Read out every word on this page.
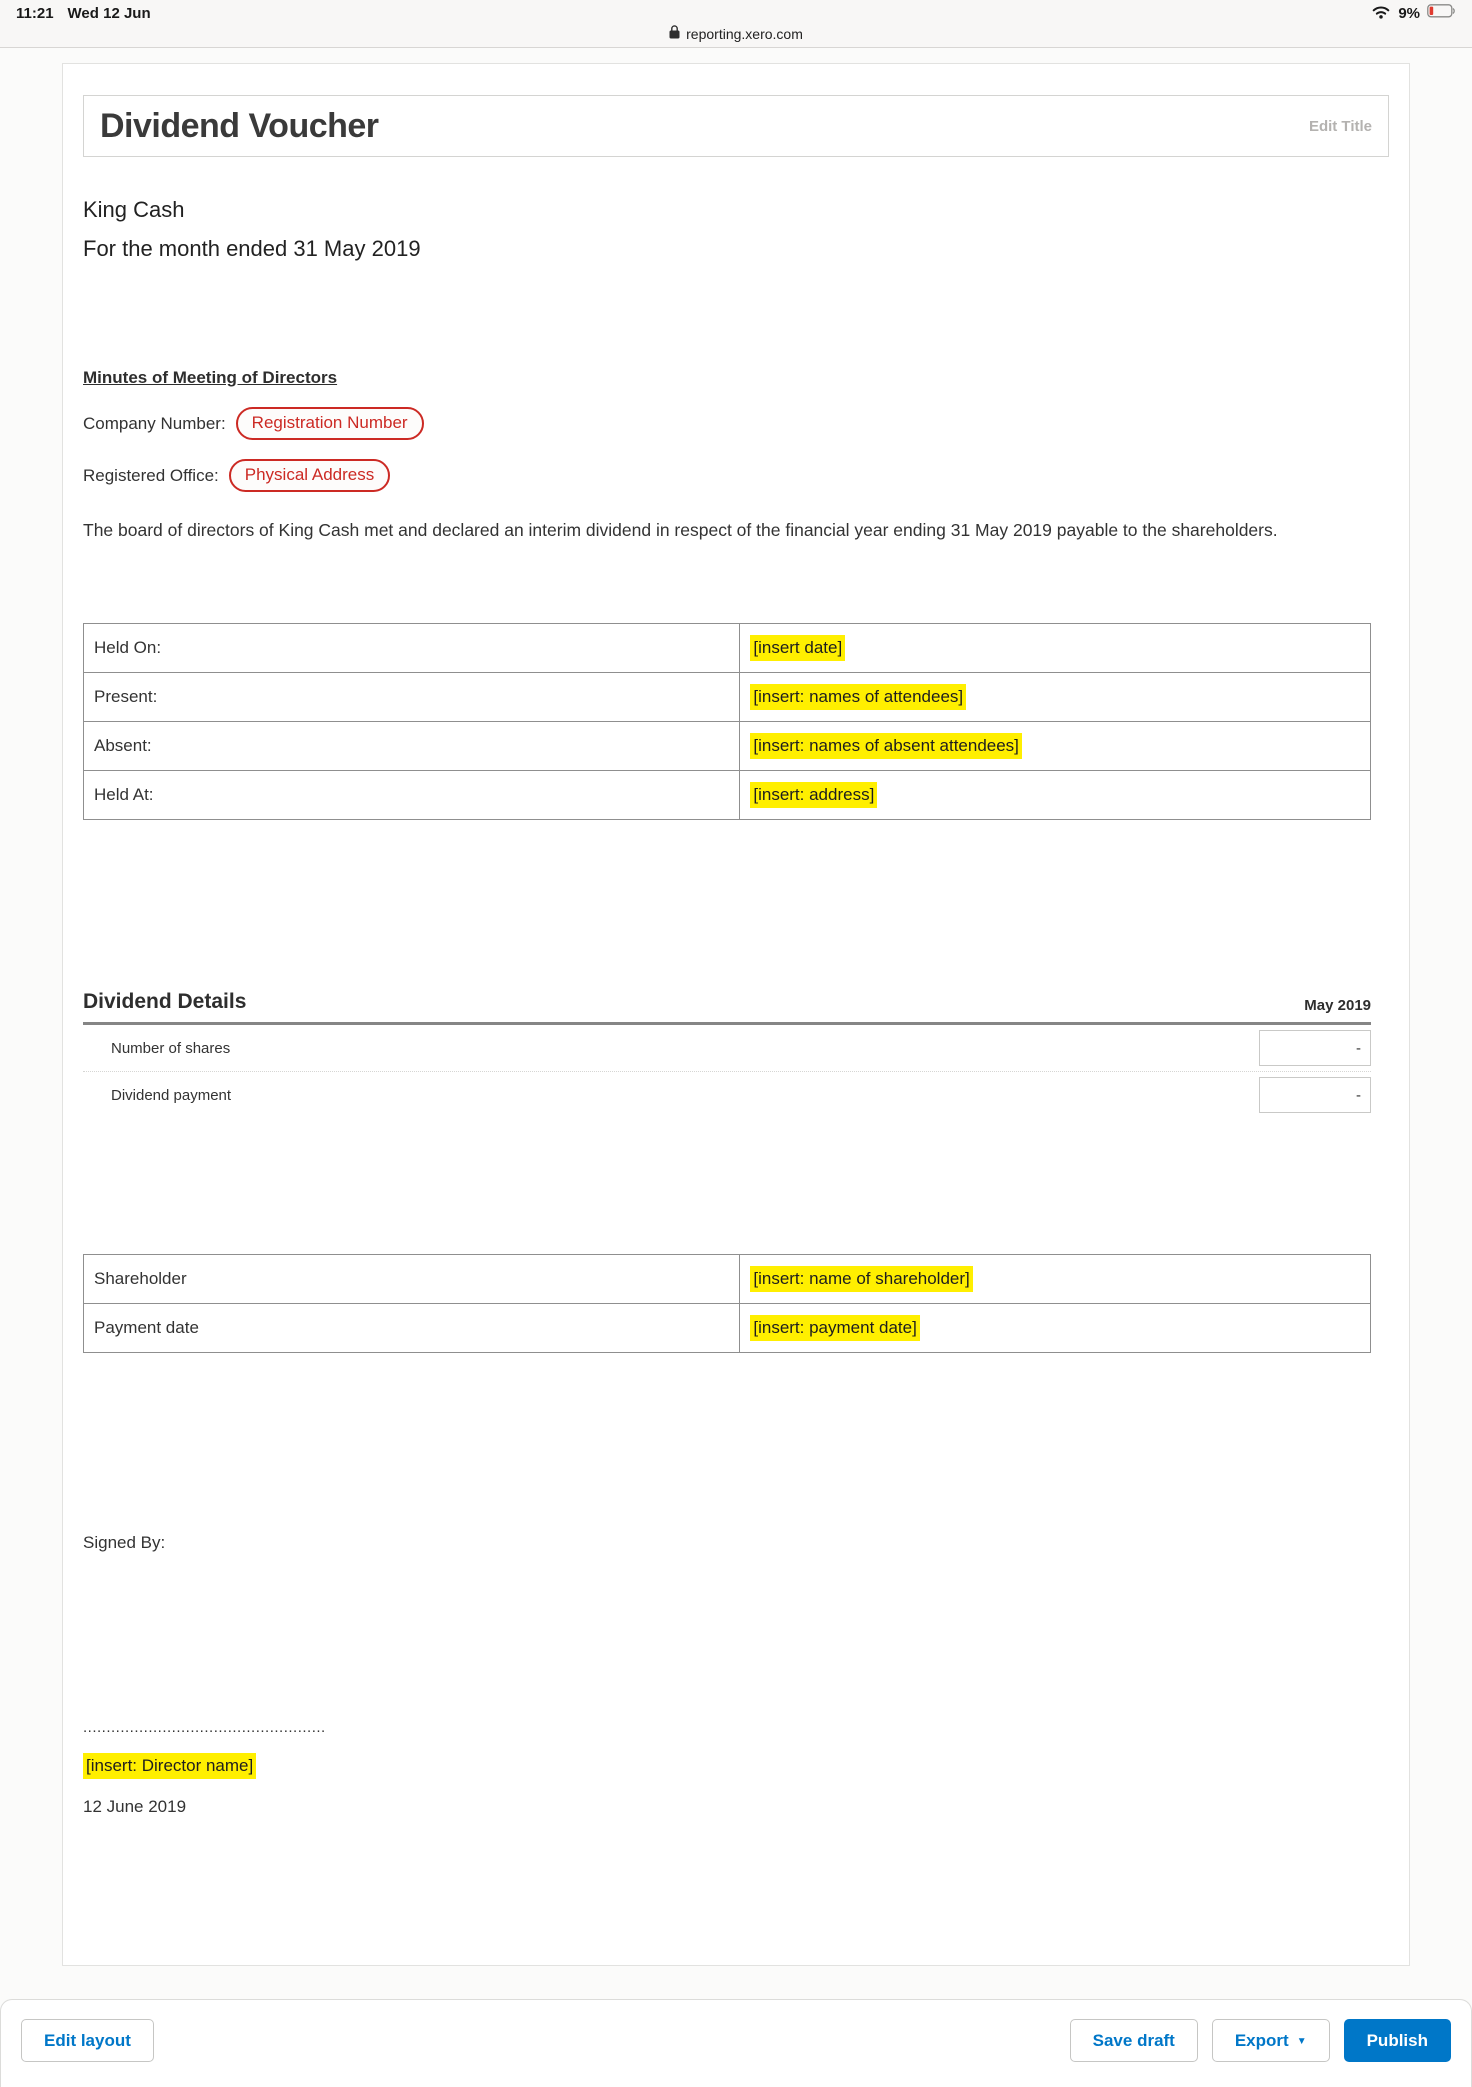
11:21 Wed 12 Jun	9%
reporting.xero.com
Dividend Voucher	Edit Title
King Cash
For the month ended 31 May 2019
Minutes of Meeting of Directors
Company Number:	Registration Number
Registered Office:	Physical Address

The board of directors of King Cash met and declared an interim dividend in respect of the financial year ending 31 May 2019 payable to the shareholders.

Held On:	[insert date]
Present:	[insert: names of attendees]
Absent:	[insert: names of absent attendees]
Held At:	[insert: address]
Dividend Details	May 2019
Number of shares	-
Dividend payment	-
Shareholder	[insert: name of shareholder]
Payment date	[insert: payment date]
Signed By:
....................................................
[insert: Director name]
12 June 2019
Edit layout	Save draft	Export ▼	Publish
